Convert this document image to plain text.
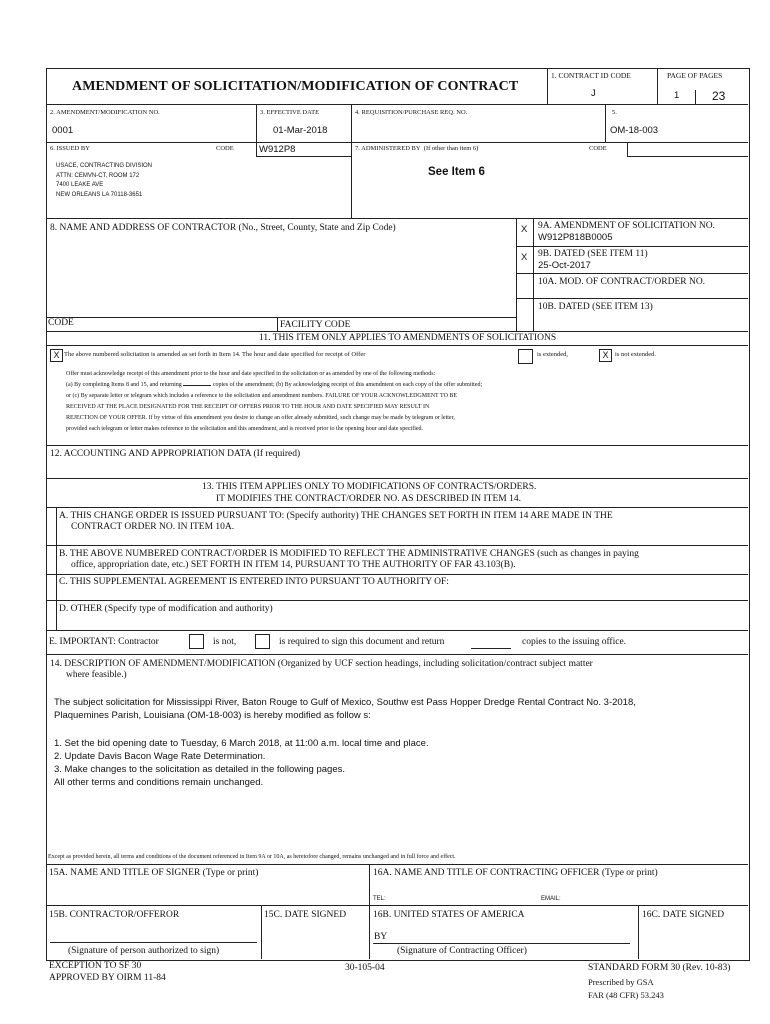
AMENDMENT OF SOLICITATION/MODIFICATION OF CONTRACT
1. CONTRACT ID CODE
J
PAGE OF PAGES
1	23
2. AMENDMENT/MODIFICATION NO.
0001
3. EFFECTIVE DATE
01-Mar-2018
4. REQUISITION/PURCHASE REQ. NO.	5.
OM-18-003
6. ISSUED BY	CODE	W912P8
USACE, CONTRACTING DIVISION
ATTN: CEMVN-CT, ROOM 172
7400 LEAKE AVE
NEW ORLEANS LA 70118-3651
7. ADMINISTERED BY (If other than item 6)	CODE
See Item 6
8. NAME AND ADDRESS OF CONTRACTOR (No., Street, County, State and Zip Code)	X 9A. AMENDMENT OF SOLICITATION NO.
W912P818B0005
X 9B. DATED (SEE ITEM 11)
25-Oct-2017
10A. MOD. OF CONTRACT/ORDER NO.
10B. DATED (SEE ITEM 13)
CODE	FACILITY CODE
11. THIS ITEM ONLY APPLIES TO AMENDMENTS OF SOLICITATIONS
X The above numbered solicitation is amended as set forth in Item 14. The hour and date specified for receipt of Offer	is extended,	X	is not extended.
Offer must acknowledge receipt of this amendment prior to the hour and date specified in the solicitation or as amended by one of the following methods:
(a) By completing Items 8 and 15, and returning	copies of the amendment; (b) By acknowledging receipt of this amendment on each copy of the offer submitted;
or (c) By separate letter or telegram which includes a reference to the solicitation and amendment numbers. FAILURE OF YOUR ACKNOWLEDGMENT TO BE
RECEIVED AT THE PLACE DESIGNATED FOR THE RECEIPT OF OFFERS PRIOR TO THE HOUR AND DATE SPECIFIED MAY RESULT IN
REJECTION OF YOUR OFFER. If by virtue of this amendment you desire to change an offer already submitted, such change may be made by telegram or letter,
provided each telegram or letter makes reference to the solicitation and this amendment, and is received prior to the opening hour and date specified.
12. ACCOUNTING AND APPROPRIATION DATA (If required)
13. THIS ITEM APPLIES ONLY TO MODIFICATIONS OF CONTRACTS/ORDERS.
IT MODIFIES THE CONTRACT/ORDER NO. AS DESCRIBED IN ITEM 14.
A. THIS CHANGE ORDER IS ISSUED PURSUANT TO: (Specify authority) THE CHANGES SET FORTH IN ITEM 14 ARE MADE IN THE
CONTRACT ORDER NO. IN ITEM 10A.
B. THE ABOVE NUMBERED CONTRACT/ORDER IS MODIFIED TO REFLECT THE ADMINISTRATIVE CHANGES (such as changes in paying
office, appropriation date, etc.) SET FORTH IN ITEM 14, PURSUANT TO THE AUTHORITY OF FAR 43.103(B).
C. THIS SUPPLEMENTAL AGREEMENT IS ENTERED INTO PURSUANT TO AUTHORITY OF:
D. OTHER (Specify type of modification and authority)
E. IMPORTANT: Contractor	is not,	is required to sign this document and return	copies to the issuing office.
14. DESCRIPTION OF AMENDMENT/MODIFICATION (Organized by UCF section headings, including solicitation/contract subject matter
where feasible.)
The subject solicitation for Mississippi River, Baton Rouge to Gulf of Mexico, Southw est Pass Hopper Dredge Rental Contract No. 3-2018,
Plaquemines Parish, Louisiana (OM-18-003) is hereby modified as follow s:
1. Set the bid opening date to Tuesday, 6 March 2018, at 11:00 a.m. local time and place.
2. Update Davis Bacon Wage Rate Determination.
3. Make changes to the solicitation as detailed in the following pages.
All other terms and conditions remain unchanged.
Except as provided herein, all terms and conditions of the document referenced in Item 9A or 10A, as heretofore changed, remains unchanged and in full force and effect.
15A. NAME AND TITLE OF SIGNER (Type or print)	16A. NAME AND TITLE OF CONTRACTING OFFICER (Type or print)
TEL:	EMAIL:
15B. CONTRACTOR/OFFEROR
(Signature of person authorized to sign)
15C. DATE SIGNED	16B. UNITED STATES OF AMERICA
BY
(Signature of Contracting Officer)
16C. DATE SIGNED
EXCEPTION TO SF 30
APPROVED BY OIRM 11-84
30-105-04	STANDARD FORM 30 (Rev. 10-83)
Prescribed by GSA
FAR (48 CFR) 53.243
